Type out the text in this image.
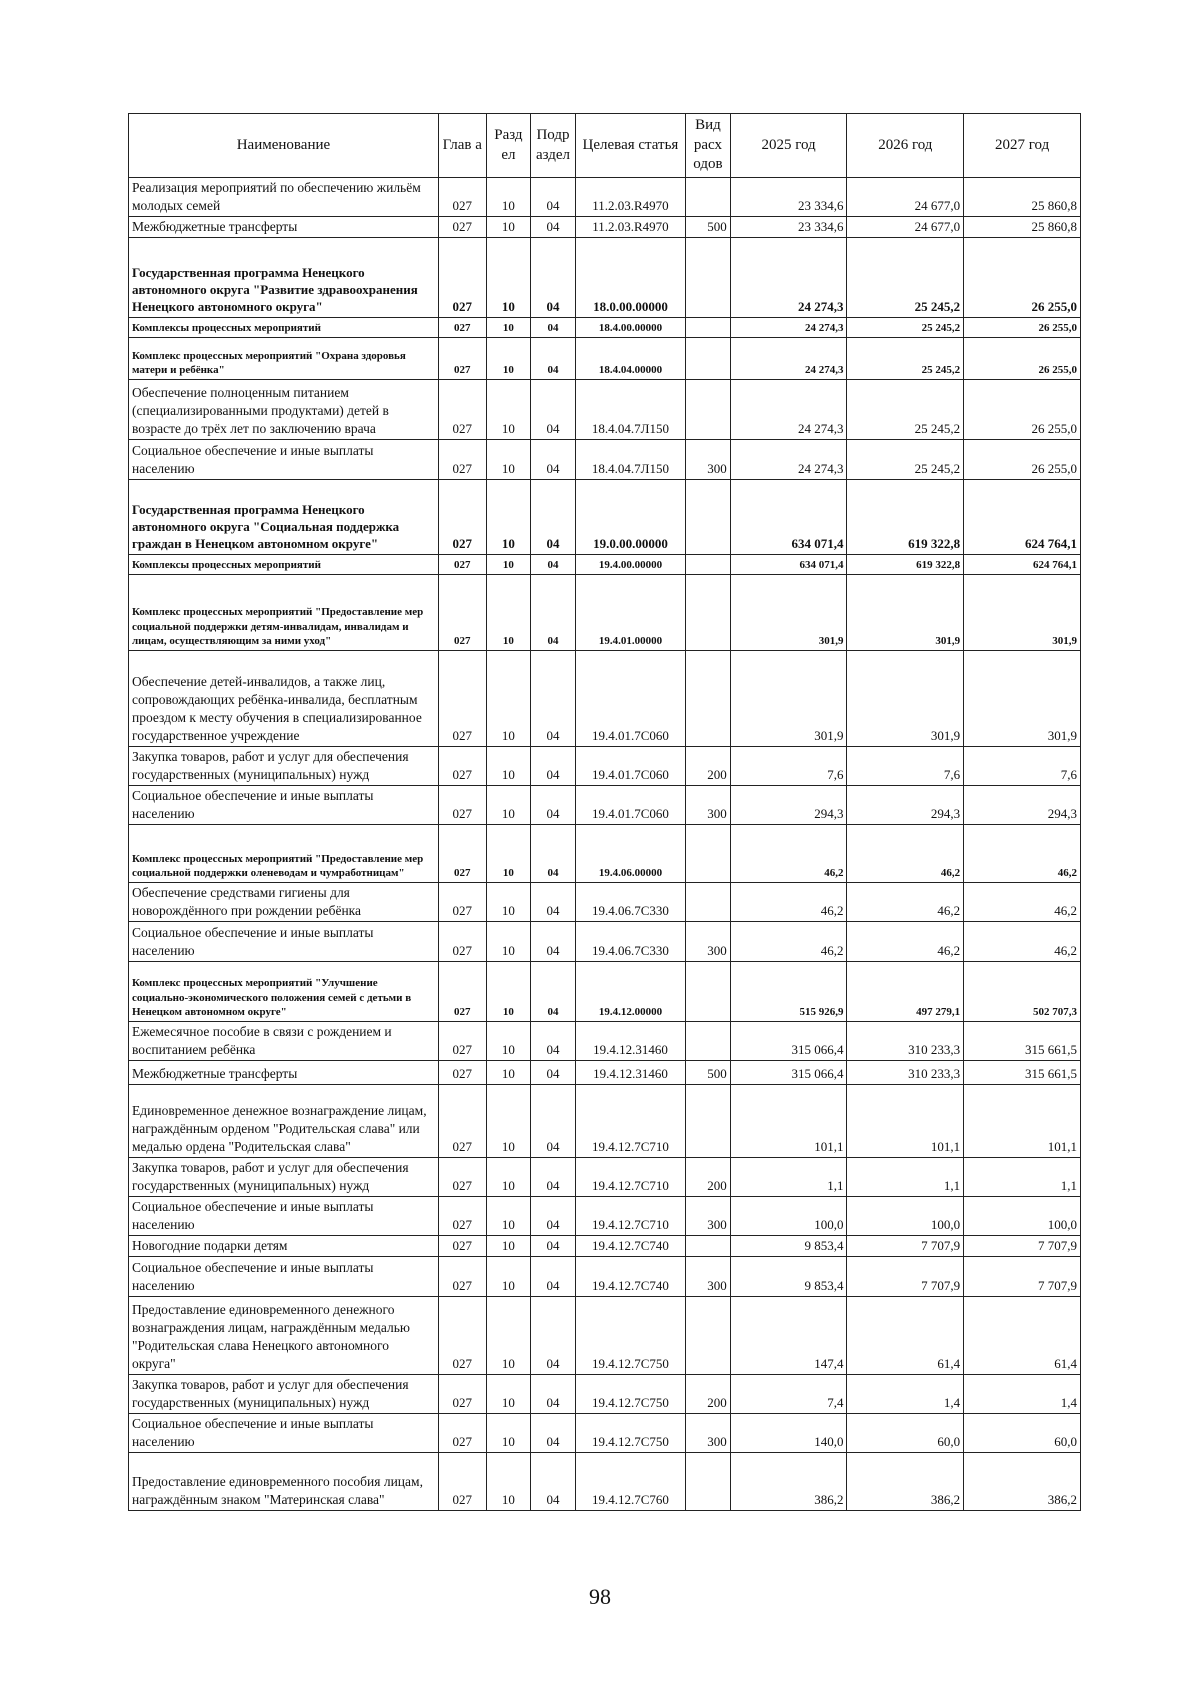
Наименование	Глав а	Разд ел	Подр аздел	Целевая статья	Вид расх одов	2025 год	2026 год	2027 год
Реализация мероприятий по обеспечению жильём молодых семей	027	10	04	11.2.03.R4970		23 334,6	24 677,0	25 860,8
Межбюджетные трансферты	027	10	04	11.2.03.R4970	500	23 334,6	24 677,0	25 860,8
Государственная программа Ненецкого автономного округа "Развитие здравоохранения Ненецкого автономного округа"	027	10	04	18.0.00.00000		24 274,3	25 245,2	26 255,0
Комплексы процессных мероприятий	027	10	04	18.4.00.00000		24 274,3	25 245,2	26 255,0
Комплекс процессных мероприятий "Охрана здоровья матери и ребёнка"	027	10	04	18.4.04.00000		24 274,3	25 245,2	26 255,0
Обеспечение полноценным питанием (специализированными продуктами) детей в возрасте до трёх лет по заключению врача	027	10	04	18.4.04.7Л150		24 274,3	25 245,2	26 255,0
Социальное обеспечение и иные выплаты населению	027	10	04	18.4.04.7Л150	300	24 274,3	25 245,2	26 255,0
Государственная программа Ненецкого автономного округа "Социальная поддержка граждан в Ненецком автономном округе"	027	10	04	19.0.00.00000		634 071,4	619 322,8	624 764,1
Комплексы процессных мероприятий	027	10	04	19.4.00.00000		634 071,4	619 322,8	624 764,1
Комплекс процессных мероприятий "Предоставление мер социальной поддержки детям-инвалидам, инвалидам и лицам, осуществляющим за ними уход"	027	10	04	19.4.01.00000		301,9	301,9	301,9
Обеспечение детей-инвалидов, а также лиц, сопровождающих ребёнка-инвалида, бесплатным проездом к месту обучения в специализированное государственное учреждение	027	10	04	19.4.01.7С060		301,9	301,9	301,9
Закупка товаров, работ и услуг для обеспечения государственных (муниципальных) нужд	027	10	04	19.4.01.7С060	200	7,6	7,6	7,6
Социальное обеспечение и иные выплаты населению	027	10	04	19.4.01.7С060	300	294,3	294,3	294,3
Комплекс процессных мероприятий "Предоставление мер социальной поддержки оленеводам и чумработницам"	027	10	04	19.4.06.00000		46,2	46,2	46,2
Обеспечение средствами гигиены для новорождённого при рождении ребёнка	027	10	04	19.4.06.7С330		46,2	46,2	46,2
Социальное обеспечение и иные выплаты населению	027	10	04	19.4.06.7С330	300	46,2	46,2	46,2
Комплекс процессных мероприятий "Улучшение социально-экономического положения семей с детьми в Ненецком автономном округе"	027	10	04	19.4.12.00000		515 926,9	497 279,1	502 707,3
Ежемесячное пособие в связи с рождением и воспитанием ребёнка	027	10	04	19.4.12.31460		315 066,4	310 233,3	315 661,5
Межбюджетные трансферты	027	10	04	19.4.12.31460	500	315 066,4	310 233,3	315 661,5
Единовременное денежное вознаграждение лицам, награждённым орденом "Родительская слава" или медалью ордена "Родительская слава"	027	10	04	19.4.12.7С710		101,1	101,1	101,1
Закупка товаров, работ и услуг для обеспечения государственных (муниципальных) нужд	027	10	04	19.4.12.7С710	200	1,1	1,1	1,1
Социальное обеспечение и иные выплаты населению	027	10	04	19.4.12.7С710	300	100,0	100,0	100,0
Новогодние подарки детям	027	10	04	19.4.12.7С740		9 853,4	7 707,9	7 707,9
Социальное обеспечение и иные выплаты населению	027	10	04	19.4.12.7С740	300	9 853,4	7 707,9	7 707,9
Предоставление единовременного денежного вознаграждения лицам, награждённым медалью "Родительская слава Ненецкого автономного округа"	027	10	04	19.4.12.7С750		147,4	61,4	61,4
Закупка товаров, работ и услуг для обеспечения государственных (муниципальных) нужд	027	10	04	19.4.12.7С750	200	7,4	1,4	1,4
Социальное обеспечение и иные выплаты населению	027	10	04	19.4.12.7С750	300	140,0	60,0	60,0
Предоставление единовременного пособия лицам, награждённым знаком "Материнская слава"	027	10	04	19.4.12.7С760		386,2	386,2	386,2
98
